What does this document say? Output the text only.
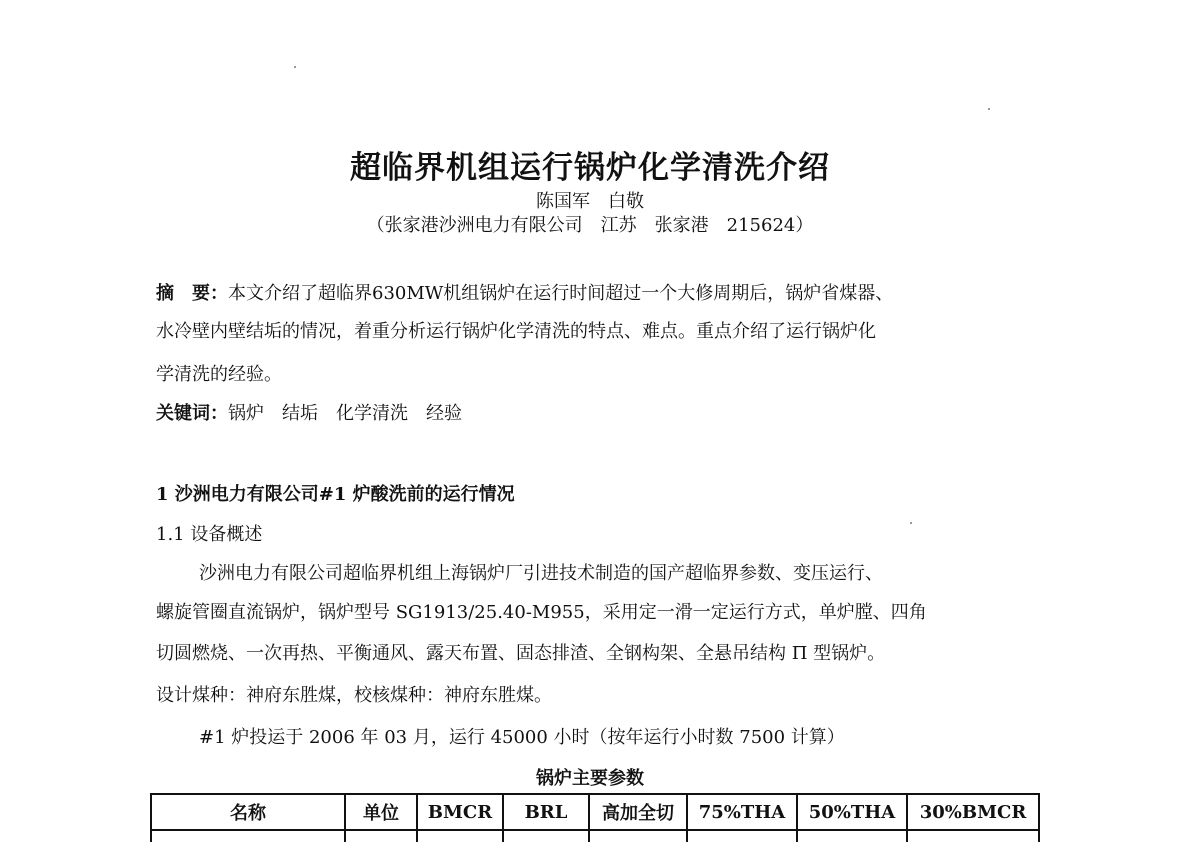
超临界机组运行锅炉化学清洗介绍
陈国军　白敬
（张家港沙洲电力有限公司　江苏　张家港　215624）
摘　要：本文介绍了超临界630MW机组锅炉在运行时间超过一个大修周期后，锅炉省煤器、
水冷壁内壁结垢的情况，着重分析运行锅炉化学清洗的特点、难点。重点介绍了运行锅炉化
学清洗的经验。
关键词：锅炉　结垢　化学清洗　经验
1 沙洲电力有限公司#1 炉酸洗前的运行情况
1.1 设备概述
沙洲电力有限公司超临界机组上海锅炉厂引进技术制造的国产超临界参数、变压运行、
螺旋管圈直流锅炉，锅炉型号 SG1913/25.40-M955，采用定一滑一定运行方式，单炉膛、四角
切圆燃烧、一次再热、平衡通风、露天布置、固态排渣、全钢构架、全悬吊结构 Π 型锅炉。
设计煤种：神府东胜煤，校核煤种：神府东胜煤。
#1 炉投运于 2006 年 03 月，运行 45000 小时（按年运行小时数 7500 计算）
锅炉主要参数
名称	单位	BMCR	BRL	高加全切	75%THA	50%THA	30%BMCR
